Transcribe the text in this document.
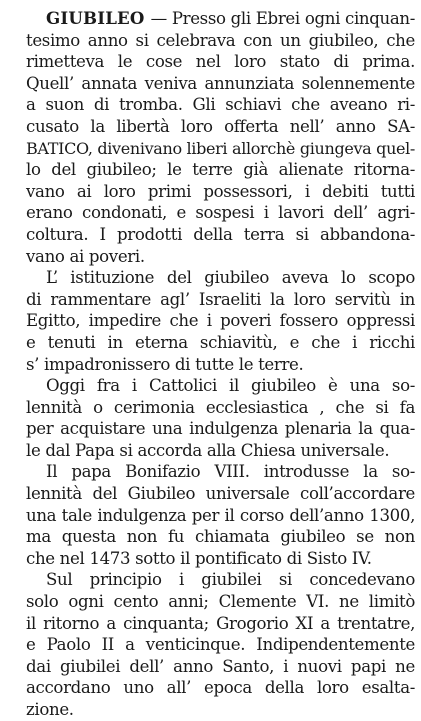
GIUBILEO — Presso gli Ebrei ogni cinquan-
tesimo anno si celebrava con un giubileo, che
rimetteva le cose nel loro stato di prima.
Quell’ annata veniva annunziata solennemente
a suon di tromba. Gli schiavi che aveano ri-
cusato la libertà loro offerta nell’ anno SA-
BATICO, divenivano liberi allorchè giungeva quel-
lo del giubileo; le terre già alienate ritorna-
vano ai loro primi possessori, i debiti tutti
erano condonati, e sospesi i lavori dell’ agri-
coltura. I prodotti della terra si abbandona-
vano ai poveri.
L’ istituzione del giubileo aveva lo scopo
di rammentare agl’ Israeliti la loro servitù in
Egitto, impedire che i poveri fossero oppressi
e tenuti in eterna schiavitù, e che i ricchi
s’ impadronissero di tutte le terre.
Oggi fra i Cattolici il giubileo è una so-
lennità o cerimonia ecclesiastica , che si fa
per acquistare una indulgenza plenaria la qua-
le dal Papa si accorda alla Chiesa universale.
Il papa Bonifazio VIII. introdusse la so-
lennità del Giubileo universale coll’accordare
una tale indulgenza per il corso dell’anno 1300,
ma questa non fu chiamata giubileo se non
che nel 1473 sotto il pontificato di Sisto IV.
Sul principio i giubilei si concedevano
solo ogni cento anni; Clemente VI. ne limitò
il ritorno a cinquanta; Grogorio XI a trentatre,
e Paolo II a venticinque. Indipendentemente
dai giubilei dell’ anno Santo, i nuovi papi ne
accordano uno all’ epoca della loro esalta-
zione.
